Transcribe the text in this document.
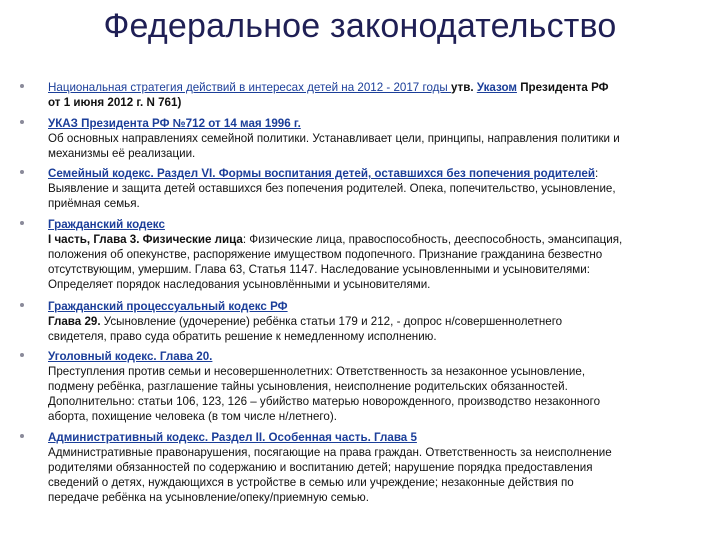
Федеральное законодательство
Национальная стратегия действий в интересах детей на 2012 - 2017 годы утв. Указом Президента РФ
от 1 июня 2012 г. N 761)
УКАЗ Президента РФ №712 от 14 мая 1996 г.
Об основных направлениях семейной политики. Устанавливает цели, принципы, направления политики и
механизмы её реализации.
Семейный кодекс. Раздел VI. Формы воспитания детей, оставшихся без попечения родителей:
Выявление и защита детей оставшихся без попечения родителей. Опека, попечительство, усыновление,
приёмная семья.
Гражданский кодекс
I часть, Глава 3. Физические лица: Физические лица, правоспособность, дееспособность, эмансипация,
положения об опекунстве, распоряжение имуществом подопечного. Признание гражданина безвестно
отсутствующим, умершим. Глава 63, Статья 1147. Наследование усыновленными и усыновителями:
Определяет порядок наследования усыновлёнными и усыновителями.
Гражданский процессуальный кодекс РФ
Глава 29. Усыновление (удочерение) ребёнка статьи 179 и 212, - допрос н/совершеннолетнего
свидетеля, право суда обратить решение к немедленному исполнению.
Уголовный кодекс. Глава 20.
Преступления против семьи и несовершеннолетних: Ответственность за незаконное усыновление,
подмену ребёнка, разглашение тайны усыновления, неисполнение родительских обязанностей.
Дополнительно: статьи 106, 123, 126 – убийство матерью новорожденного, производство незаконного
аборта, похищение человека (в том числе н/летнего).
Административный кодекс. Раздел II. Особенная часть. Глава 5
Административные правонарушения, посягающие на права граждан. Ответственность за неисполнение
родителями обязанностей по содержанию и воспитанию детей; нарушение порядка предоставления
сведений о детях, нуждающихся в устройстве в семью или учреждение; незаконные действия по
передаче ребёнка на усыновление/опеку/приемную семью.
